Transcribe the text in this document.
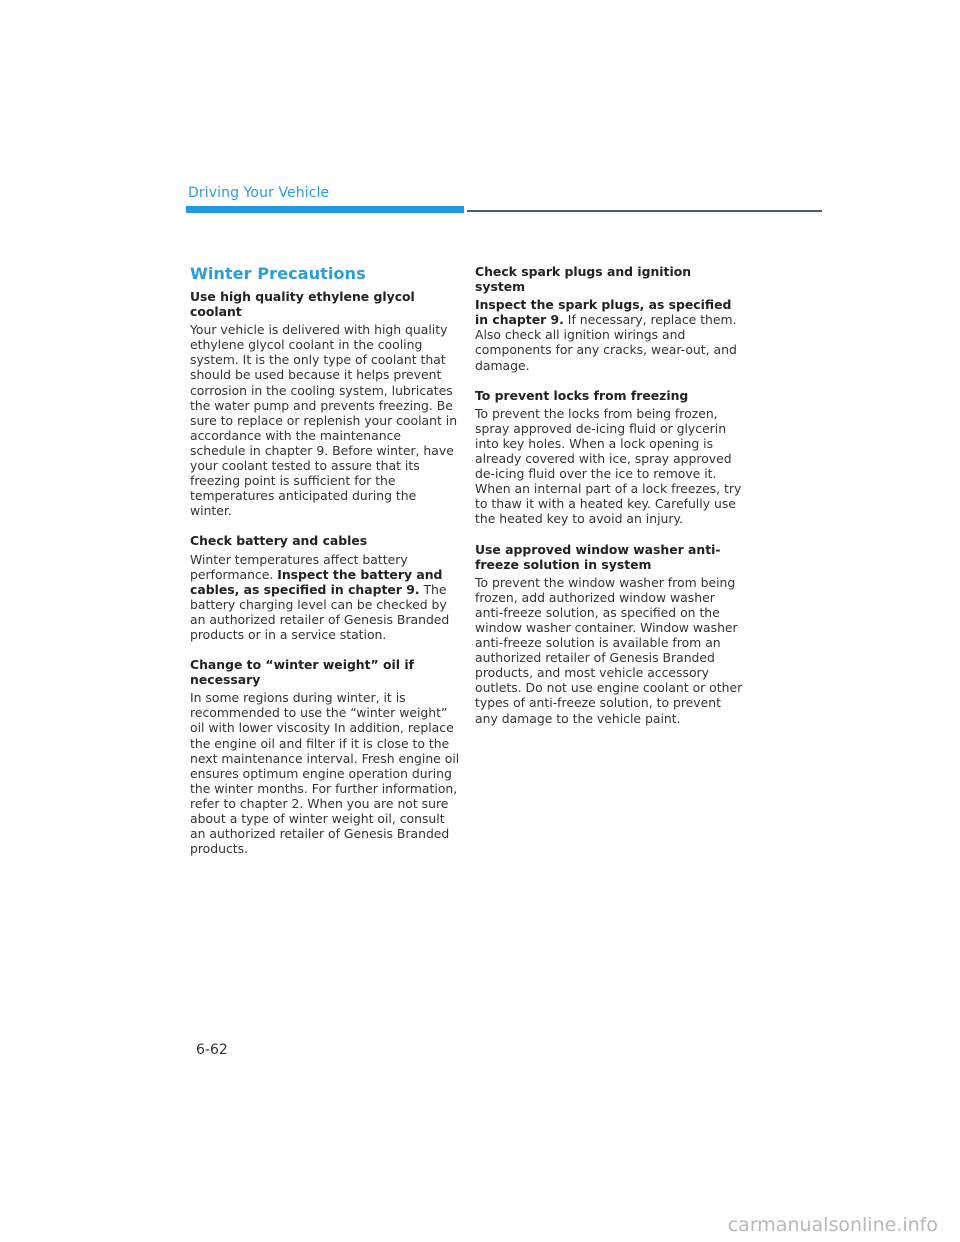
Driving Your Vehicle
Winter Precautions
Use high quality ethylene glycol coolant

Your vehicle is delivered with high quality ethylene glycol coolant in the cooling system. It is the only type of coolant that should be used because it helps prevent corrosion in the cooling system, lubricates the water pump and prevents freezing. Be sure to replace or replenish your coolant in accordance with the maintenance schedule in chapter 9. Before winter, have your coolant tested to assure that its freezing point is sufficient for the temperatures anticipated during the winter.

Check battery and cables

Winter temperatures affect battery performance. Inspect the battery and cables, as specified in chapter 9. The battery charging level can be checked by an authorized retailer of Genesis Branded products or in a service station.

Change to “winter weight” oil if necessary

In some regions during winter, it is recommended to use the “winter weight” oil with lower viscosity In addition, replace the engine oil and filter if it is close to the next maintenance interval. Fresh engine oil ensures optimum engine operation during the winter months. For further information, refer to chapter 2. When you are not sure about a type of winter weight oil, consult an authorized retailer of Genesis Branded products.

Check spark plugs and ignition system

Inspect the spark plugs, as specified in chapter 9. If necessary, replace them. Also check all ignition wirings and components for any cracks, wear-out, and damage.

To prevent locks from freezing

To prevent the locks from being frozen, spray approved de-icing fluid or glycerin into key holes. When a lock opening is already covered with ice, spray approved de-icing fluid over the ice to remove it. When an internal part of a lock freezes, try to thaw it with a heated key. Carefully use the heated key to avoid an injury.

Use approved window washer anti-freeze solution in system

To prevent the window washer from being frozen, add authorized window washer anti-freeze solution, as specified on the window washer container. Window washer anti-freeze solution is available from an authorized retailer of Genesis Branded products, and most vehicle accessory outlets. Do not use engine coolant or other types of anti-freeze solution, to prevent any damage to the vehicle paint.

6-62
carmanualsonline.info
